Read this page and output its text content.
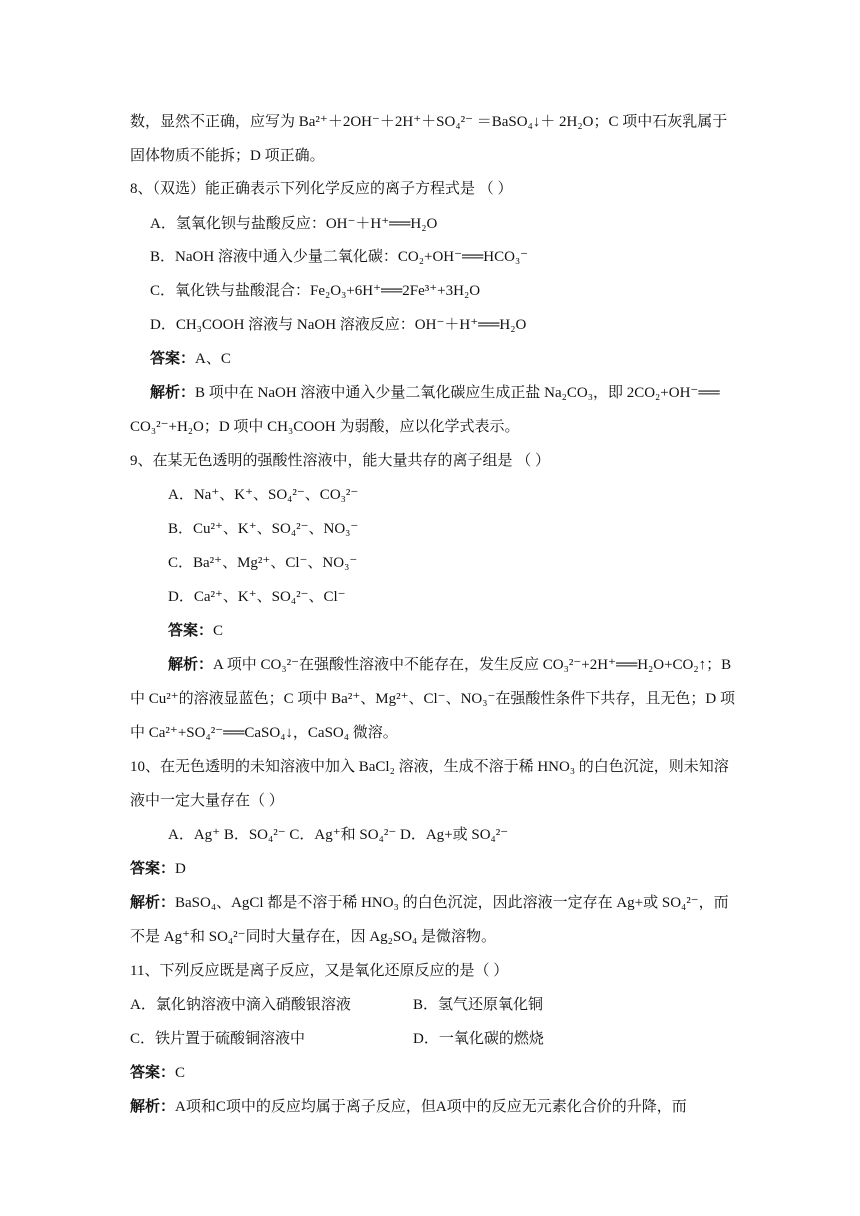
数，显然不正确，应写为 Ba²⁺＋2OH⁻＋2H⁺＋SO₄²⁻ ＝BaSO₄↓＋ 2H₂O；C 项中石灰乳属于
固体物质不能拆；D 项正确。
8、（双选）能正确表示下列化学反应的离子方程式是 （ ）
A．氢氧化钡与盐酸反应：OH⁻＋H⁺══H₂O
B．NaOH 溶液中通入少量二氧化碳：CO₂+OH⁻══HCO₃⁻
C．氧化铁与盐酸混合：Fe₂O₃+6H⁺══2Fe³⁺+3H₂O
D．CH₃COOH 溶液与 NaOH 溶液反应：OH⁻＋H⁺══H₂O
答案：A、C
解析：B 项中在 NaOH 溶液中通入少量二氧化碳应生成正盐 Na₂CO₃，即 2CO₂+OH⁻══
CO₃²⁻+H₂O；D 项中 CH₃COOH 为弱酸，应以化学式表示。
9、在某无色透明的强酸性溶液中，能大量共存的离子组是 （ ）
A．Na⁺、K⁺、SO₄²⁻、CO₃²⁻
B．Cu²⁺、K⁺、SO₄²⁻、NO₃⁻
C．Ba²⁺、Mg²⁺、Cl⁻、NO₃⁻
D．Ca²⁺、K⁺、SO₄²⁻、Cl⁻
答案：C
解析：A 项中 CO₃²⁻在强酸性溶液中不能存在，发生反应 CO₃²⁻+2H⁺══H₂O+CO₂↑；B
中 Cu²⁺的溶液显蓝色；C 项中 Ba²⁺、Mg²⁺、Cl⁻、NO₃⁻在强酸性条件下共存，且无色；D 项
中 Ca²⁺+SO₄²⁻══CaSO₄↓，CaSO₄ 微溶。
10、在无色透明的未知溶液中加入 BaCl₂ 溶液，生成不溶于稀 HNO₃ 的白色沉淀，则未知溶
液中一定大量存在（ ）
A．Ag⁺ B．SO₄²⁻ C．Ag⁺和 SO₄²⁻ D．Ag+或 SO₄²⁻
答案：D
解析：BaSO₄、AgCl 都是不溶于稀 HNO₃ 的白色沉淀，因此溶液一定存在 Ag+或 SO₄²⁻，而
不是 Ag⁺和 SO₄²⁻同时大量存在，因 Ag₂SO₄ 是微溶物。
11、下列反应既是离子反应，又是氧化还原反应的是（ ）
A．氯化钠溶液中滴入硝酸银溶液	B．氢气还原氧化铜
C．铁片置于硫酸铜溶液中	D．一氧化碳的燃烧
答案：C
解析：A项和C项中的反应均属于离子反应，但A项中的反应无元素化合价的升降，而
